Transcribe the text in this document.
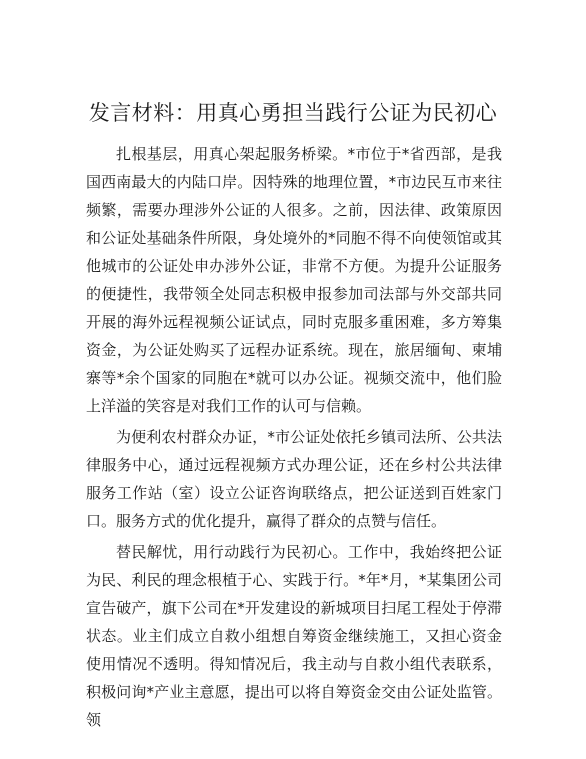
发言材料：用真心勇担当践行公证为民初心

扎根基层，用真心架起服务桥梁。*市位于*省西部，是我国西南最大的内陆口岸。因特殊的地理位置，*市边民互市来往频繁，需要办理涉外公证的人很多。之前，因法律、政策原因和公证处基础条件所限，身处境外的*同胞不得不向使领馆或其他城市的公证处申办涉外公证，非常不方便。为提升公证服务的便捷性，我带领全处同志积极申报参加司法部与外交部共同开展的海外远程视频公证试点，同时克服多重困难，多方筹集资金，为公证处购买了远程办证系统。现在，旅居缅甸、柬埔寨等*余个国家的同胞在*就可以办公证。视频交流中，他们脸上洋溢的笑容是对我们工作的认可与信赖。

为便利农村群众办证，*市公证处依托乡镇司法所、公共法律服务中心，通过远程视频方式办理公证，还在乡村公共法律服务工作站（室）设立公证咨询联络点，把公证送到百姓家门口。服务方式的优化提升，赢得了群众的点赞与信任。

替民解忧，用行动践行为民初心。工作中，我始终把公证为民、利民的理念根植于心、实践于行。*年*月，*某集团公司宣告破产，旗下公司在*开发建设的新城项目扫尾工程处于停滞状态。业主们成立自救小组想自筹资金继续施工，又担心资金使用情况不透明。得知情况后，我主动与自救小组代表联系，积极问询*产业主意愿，提出可以将自筹资金交由公证处监管。领
